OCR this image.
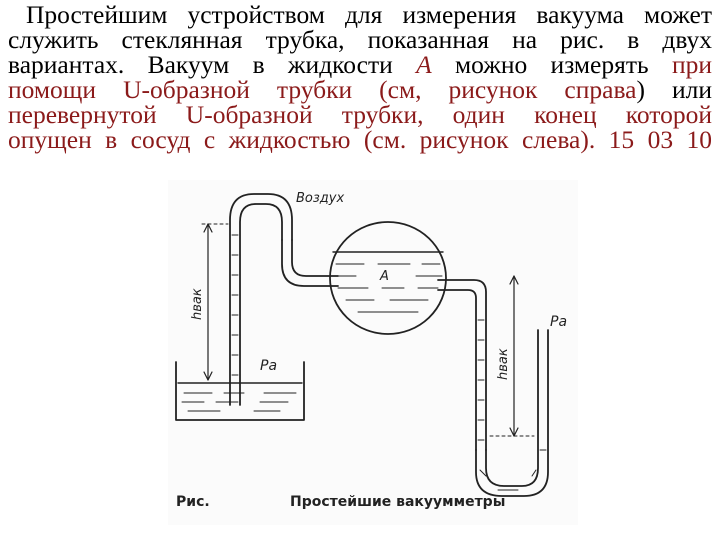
Простейшим устройством для измерения вакуума может
служить стеклянная трубка, показанная на рис. в двух
вариантах. Вакуум в жидкости А можно измерять при
помощи U-образной трубки (см, рисунок справа) или
перевернутой U-образной трубки, один конец которой
опущен в сосуд с жидкостью (см. рисунок слева). 15 03 10
Воздух
A
Pa
Pa
hвак
hвак
Рис.	Простейшие вакуумметры
